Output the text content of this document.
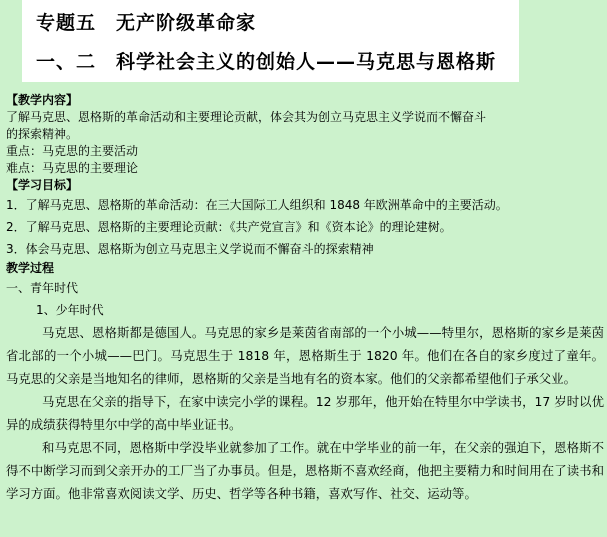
专题五　无产阶级革命家
一、二　科学社会主义的创始人——马克思与恩格斯
【教学内容】
了解马克思、恩格斯的革命活动和主要理论贡献，体会其为创立马克思主义学说而不懈奋斗
的探索精神。
重点：马克思的主要活动
难点：马克思的主要理论
【学习目标】
1．了解马克思、恩格斯的革命活动：在三大国际工人组织和 1848 年欧洲革命中的主要活动。
2．了解马克思、恩格斯的主要理论贡献：《共产党宣言》和《资本论》的理论建树。
3．体会马克思、恩格斯为创立马克思主义学说而不懈奋斗的探索精神
教学过程
一、青年时代
1、少年时代
马克思、恩格斯都是德国人。马克思的家乡是莱茵省南部的一个小城——特里尔，恩格斯的家乡是莱茵省北部的一个小城——巴门。马克思生于 1818 年，恩格斯生于 1820 年。他们在各自的家乡度过了童年。马克思的父亲是当地知名的律师，恩格斯的父亲是当地有名的资本家。他们的父亲都希望他们子承父业。
马克思在父亲的指导下，在家中读完小学的课程。12 岁那年，他开始在特里尔中学读书，17 岁时以优异的成绩获得特里尔中学的高中毕业证书。
和马克思不同，恩格斯中学没毕业就参加了工作。就在中学毕业的前一年，在父亲的强迫下，恩格斯不得不中断学习而到父亲开办的工厂当了办事员。但是，恩格斯不喜欢经商，他把主要精力和时间用在了读书和学习方面。他非常喜欢阅读文学、历史、哲学等各种书籍，喜欢写作、社交、运动等。
